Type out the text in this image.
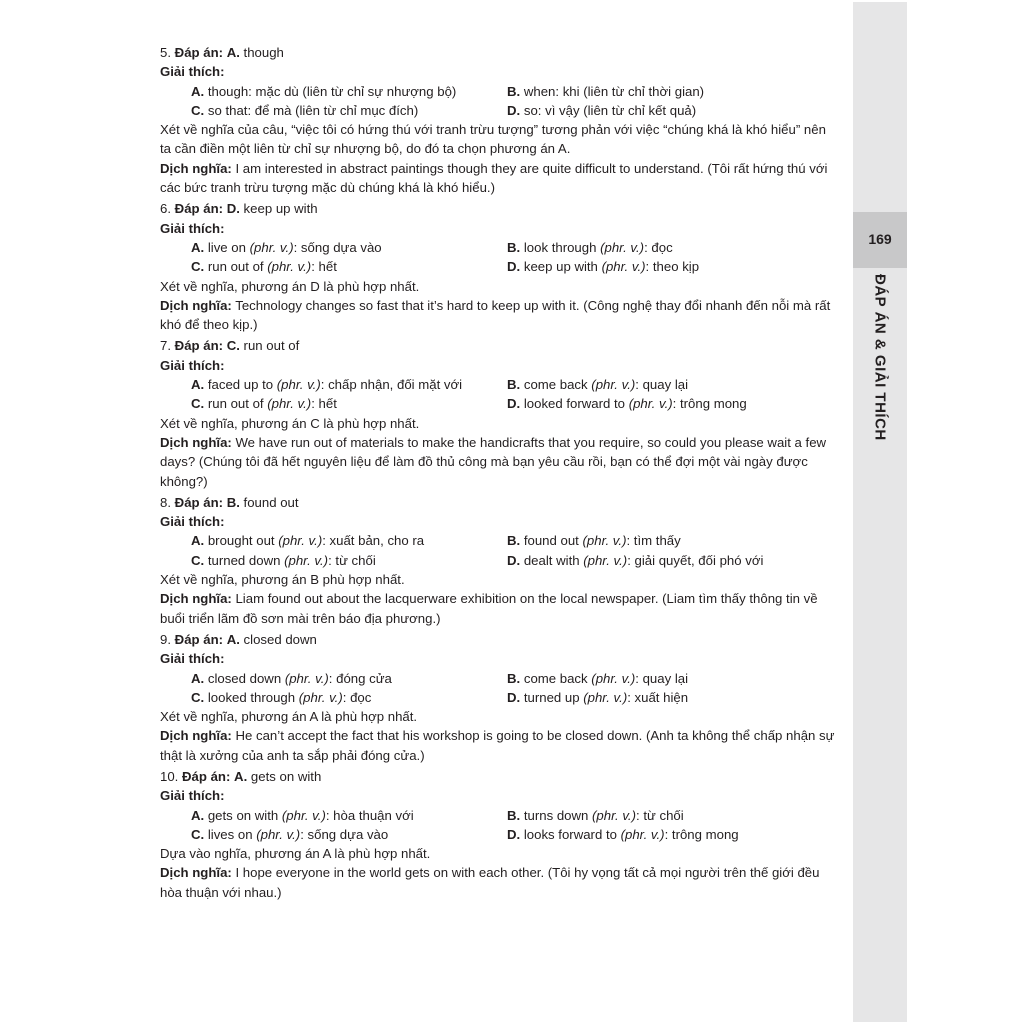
5. Đáp án: A. though
Giải thích:
A. though: mặc dù (liên từ chỉ sự nhượng bộ)	B. when: khi (liên từ chỉ thời gian)
C. so that: để mà (liên từ chỉ mục đích)	D. so: vì vậy (liên từ chỉ kết quả)
Xét về nghĩa của câu, “việc tôi có hứng thú với tranh trừu tượng” tương phản với việc “chúng khá là khó hiểu” nên ta cần điền một liên từ chỉ sự nhượng bộ, do đó ta chọn phương án A.
Dịch nghĩa: I am interested in abstract paintings though they are quite difficult to understand. (Tôi rất hứng thú với các bức tranh trừu tượng mặc dù chúng khá là khó hiểu.)
6. Đáp án: D. keep up with
Giải thích:
A. live on (phr. v.): sống dựa vào	B. look through (phr. v.): đọc
C. run out of (phr. v.): hết	D. keep up with (phr. v.): theo kịp
Xét về nghĩa, phương án D là phù hợp nhất.
Dịch nghĩa: Technology changes so fast that it’s hard to keep up with it. (Công nghệ thay đổi nhanh đến nỗi mà rất khó để theo kịp.)
7. Đáp án: C. run out of
Giải thích:
A. faced up to (phr. v.): chấp nhận, đối mặt với	B. come back (phr. v.): quay lại
C. run out of (phr. v.): hết	D. looked forward to (phr. v.): trông mong
Xét về nghĩa, phương án C là phù hợp nhất.
Dịch nghĩa: We have run out of materials to make the handicrafts that you require, so could you please wait a few days? (Chúng tôi đã hết nguyên liệu để làm đồ thủ công mà bạn yêu cầu rồi, bạn có thể đợi một vài ngày được không?)
8. Đáp án: B. found out
Giải thích:
A. brought out (phr. v.): xuất bản, cho ra	B. found out (phr. v.): tìm thấy
C. turned down (phr. v.): từ chối	D. dealt with (phr. v.): giải quyết, đối phó với
Xét về nghĩa, phương án B phù hợp nhất.
Dịch nghĩa: Liam found out about the lacquerware exhibition on the local newspaper. (Liam tìm thấy thông tin về buổi triển lãm đồ sơn mài trên báo địa phương.)
9. Đáp án: A. closed down
Giải thích:
A. closed down (phr. v.): đóng cửa	B. come back (phr. v.): quay lại
C. looked through (phr. v.): đọc	D. turned up (phr. v.): xuất hiện
Xét về nghĩa, phương án A là phù hợp nhất.
Dịch nghĩa: He can’t accept the fact that his workshop is going to be closed down. (Anh ta không thể chấp nhận sự thật là xưởng của anh ta sắp phải đóng cửa.)
10. Đáp án: A. gets on with
Giải thích:
A. gets on with (phr. v.): hòa thuận với	B. turns down (phr. v.): từ chối
C. lives on (phr. v.): sống dựa vào	D. looks forward to (phr. v.): trông mong
Dựa vào nghĩa, phương án A là phù hợp nhất.
Dịch nghĩa: I hope everyone in the world gets on with each other. (Tôi hy vọng tất cả mọi người trên thế giới đều hòa thuận với nhau.)
169
ĐÁP ÁN & GIẢI THÍCH
